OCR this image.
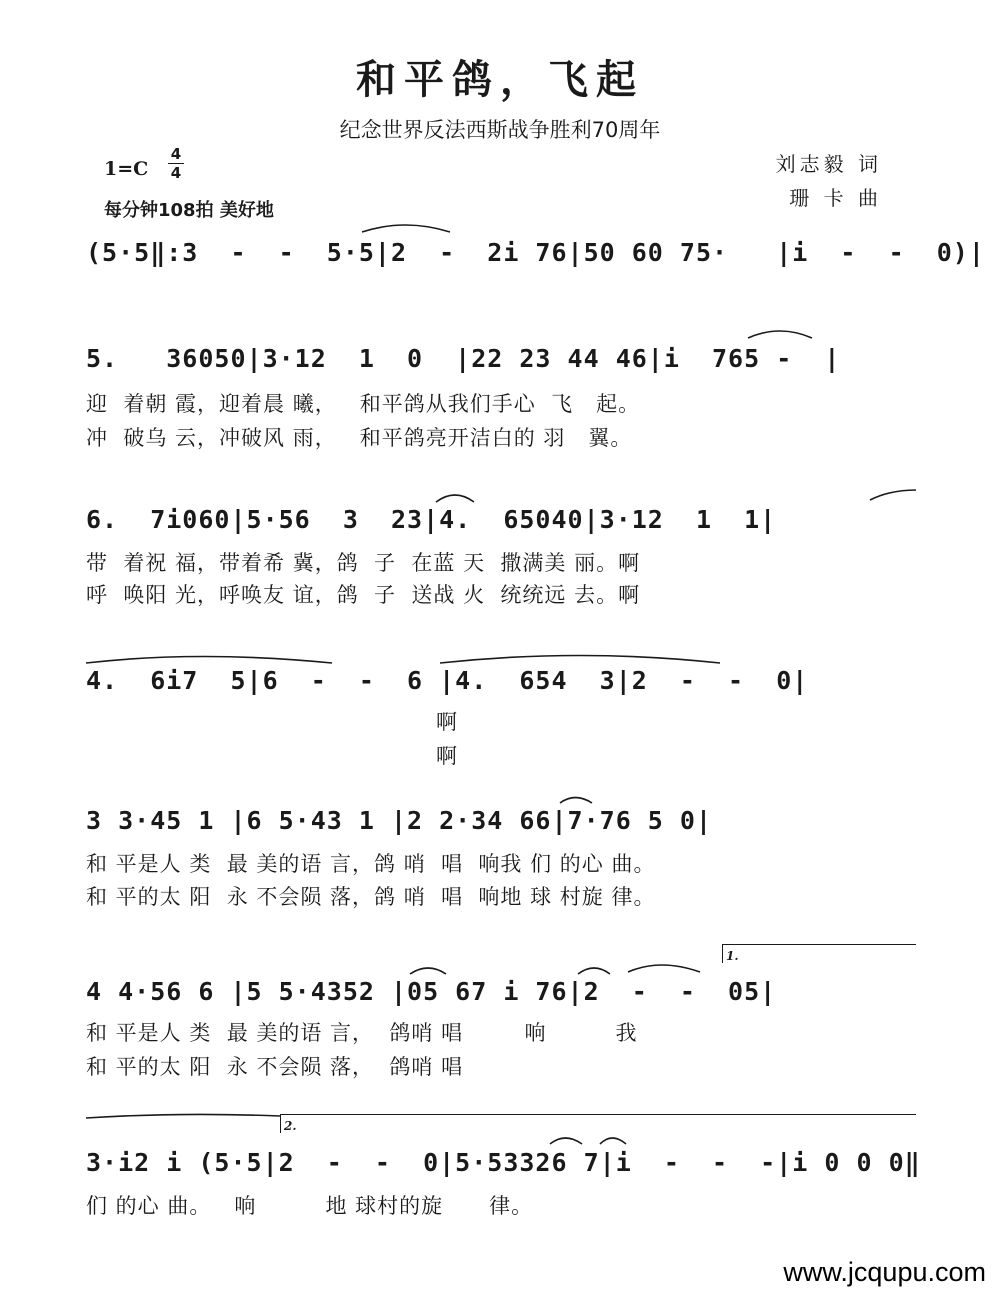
和平鸽，飞起
纪念世界反法西斯战争胜利70周年
1=C
4
4
每分钟108拍 美好地
刘志毅 词
珊 卡 曲
(5·5‖:3  -  -  5·5|2  -  2i 76|50 60 75·   |i  -  -  0)|
5.   36050|3·12  1  0  |22 23 44 46|i  765 -  |
迎  着朝 霞，迎着晨 曦，   和平鸽从我们手心  飞   起。
冲  破乌 云，冲破风 雨，   和平鸽亮开洁白的 羽   翼。
6.  7i060|5·56  3  23|4.  65040|3·12  1  1|
带  着祝 福，带着希 冀，鸽  子  在蓝 天  撒满美 丽。啊
呼  唤阳 光，呼唤友 谊，鸽  子  送战 火  统统远 去。啊
4.  6i7  5|6  -  -  6 |4.  654  3|2  -  -  0|
啊
啊
3 3·45 1 |6 5·43 1 |2 2·34 66|7·76 5 0|
和 平是人 类  最 美的语 言，鸽 哨  唱  响我 们 的心 曲。
和 平的太 阳  永 不会陨 落，鸽 哨  唱  响地 球 村旋 律。
1.
4 4·56 6 |5 5·4352 |05 67 i 76|2  -  -  05|
和 平是人 类  最 美的语 言，  鸽哨 唱        响         我
和 平的太 阳  永 不会陨 落，  鸽哨 唱
2.
3·i2 i (5·5|2  -  -  0|5·53326 7|i  -  -  -|i 0 0 0‖
们 的心 曲。   响         地 球村的旋      律。
www.jcqupu.com
